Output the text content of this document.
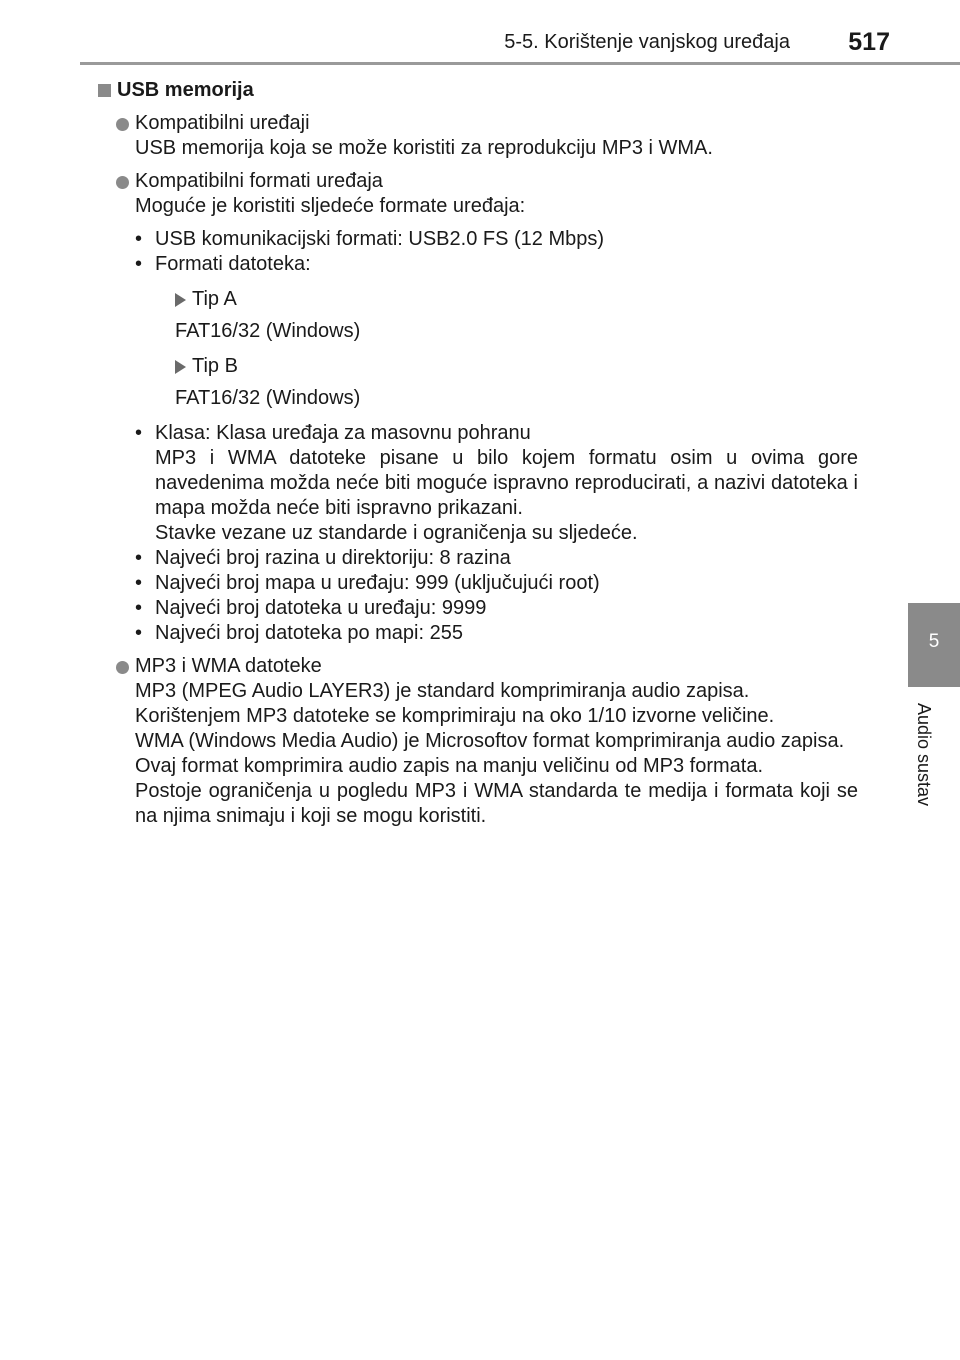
5-5. Korištenje vanjskog uređaja 517
5
Audio sustav
USB memorija
Kompatibilni uređaji
USB memorija koja se može koristiti za reprodukciju MP3 i WMA.
Kompatibilni formati uređaja
Moguće je koristiti sljedeće formate uređaja:
• USB komunikacijski formati: USB2.0 FS (12 Mbps)
• Formati datoteka:
Tip A
FAT16/32 (Windows)
Tip B
FAT16/32 (Windows)
• Klasa: Klasa uređaja za masovnu pohranu
MP3 i WMA datoteke pisane u bilo kojem formatu osim u ovima gore navedenima možda neće biti moguće ispravno reproducirati, a nazivi datoteka i mapa možda neće biti ispravno prikazani.
Stavke vezane uz standarde i ograničenja su sljedeće.
• Najveći broj razina u direktoriju: 8 razina
• Najveći broj mapa u uređaju: 999 (uključujući root)
• Najveći broj datoteka u uređaju: 9999
• Najveći broj datoteka po mapi: 255
MP3 i WMA datoteke
MP3 (MPEG Audio LAYER3) je standard komprimiranja audio zapisa.
Korištenjem MP3 datoteke se komprimiraju na oko 1/10 izvorne veličine.
WMA (Windows Media Audio) je Microsoftov format komprimiranja audio zapisa.
Ovaj format komprimira audio zapis na manju veličinu od MP3 formata.
Postoje ograničenja u pogledu MP3 i WMA standarda te medija i formata koji se na njima snimaju i koji se mogu koristiti.
